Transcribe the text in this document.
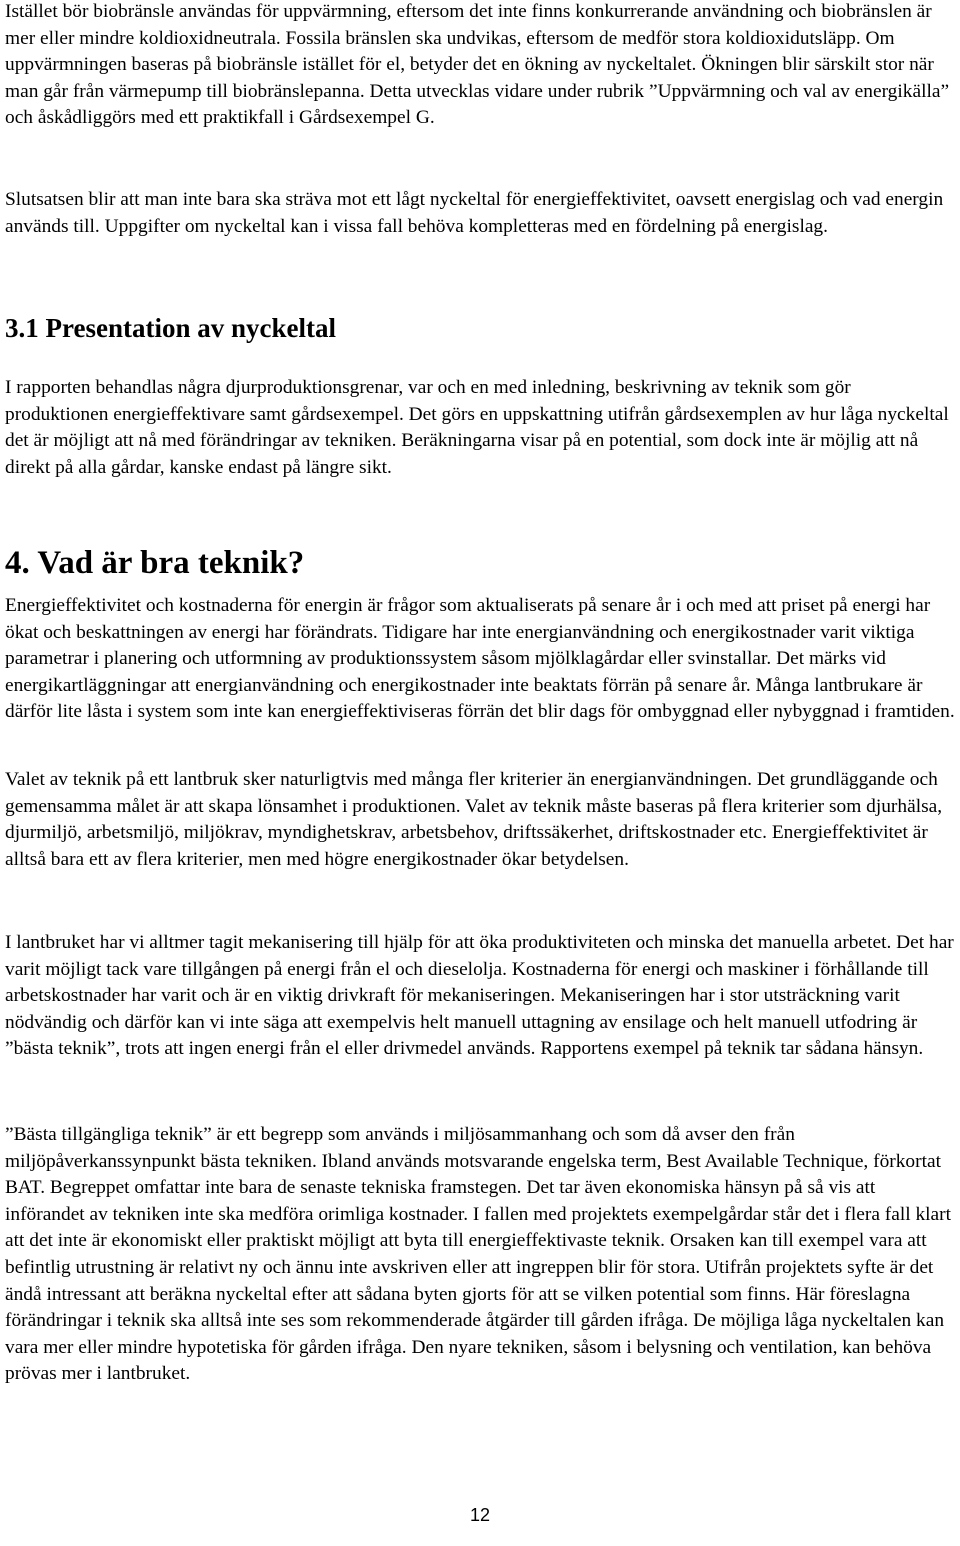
Istället bör biobränsle användas för uppvärmning, eftersom det inte finns konkurrerande användning och biobränslen är mer eller mindre koldioxidneutrala. Fossila bränslen ska undvikas, eftersom de medför stora koldioxidutsläpp. Om uppvärmningen baseras på biobränsle istället för el, betyder det en ökning av nyckeltalet. Ökningen blir särskilt stor när man går från värmepump till biobränslepanna. Detta utvecklas vidare under rubrik ”Uppvärmning och val av energikälla” och åskådliggörs med ett praktikfall i Gårdsexempel G.

Slutsatsen blir att man inte bara ska sträva mot ett lågt nyckeltal för energieffektivitet, oavsett energislag och vad energin används till. Uppgifter om nyckeltal kan i vissa fall behöva kompletteras med en fördelning på energislag.

3.1 Presentation av nyckeltal

I rapporten behandlas några djurproduktionsgrenar, var och en med inledning, beskrivning av teknik som gör produktionen energieffektivare samt gårdsexempel. Det görs en uppskattning utifrån gårdsexemplen av hur låga nyckeltal det är möjligt att nå med förändringar av tekniken. Beräkningarna visar på en potential, som dock inte är möjlig att nå direkt på alla gårdar, kanske endast på längre sikt.

4. Vad är bra teknik?

Energieffektivitet och kostnaderna för energin är frågor som aktualiserats på senare år i och med att priset på energi har ökat och beskattningen av energi har förändrats. Tidigare har inte energianvändning och energikostnader varit viktiga parametrar i planering och utformning av produktionssystem såsom mjölklagårdar eller svinstallar. Det märks vid energikartläggningar att energianvändning och energikostnader inte beaktats förrän på senare år. Många lantbrukare är därför lite låsta i system som inte kan energieffektiviseras förrän det blir dags för ombyggnad eller nybyggnad i framtiden.

Valet av teknik på ett lantbruk sker naturligtvis med många fler kriterier än energianvändningen. Det grundläggande och gemensamma målet är att skapa lönsamhet i produktionen. Valet av teknik måste baseras på flera kriterier som djurhälsa, djurmiljö, arbetsmiljö, miljökrav, myndighetskrav, arbetsbehov, driftssäkerhet, driftskostnader etc. Energieffektivitet är alltså bara ett av flera kriterier, men med högre energikostnader ökar betydelsen.

I lantbruket har vi alltmer tagit mekanisering till hjälp för att öka produktiviteten och minska det manuella arbetet. Det har varit möjligt tack vare tillgången på energi från el och dieselolja. Kostnaderna för energi och maskiner i förhållande till arbetskostnader har varit och är en viktig drivkraft för mekaniseringen. Mekaniseringen har i stor utsträckning varit nödvändig och därför kan vi inte säga att exempelvis helt manuell uttagning av ensilage och helt manuell utfodring är ”bästa teknik”, trots att ingen energi från el eller drivmedel används. Rapportens exempel på teknik tar sådana hänsyn.

”Bästa tillgängliga teknik” är ett begrepp som används i miljösammanhang och som då avser den från miljöpåverkanssynpunkt bästa tekniken. Ibland används motsvarande engelska term, Best Available Technique, förkortat BAT. Begreppet omfattar inte bara de senaste tekniska framstegen. Det tar även ekonomiska hänsyn på så vis att införandet av tekniken inte ska medföra orimliga kostnader. I fallen med projektets exempelgårdar står det i flera fall klart att det inte är ekonomiskt eller praktiskt möjligt att byta till energieffektivaste teknik. Orsaken kan till exempel vara att befintlig utrustning är relativt ny och ännu inte avskriven eller att ingreppen blir för stora. Utifrån projektets syfte är det ändå intressant att beräkna nyckeltal efter att sådana byten gjorts för att se vilken potential som finns. Här föreslagna förändringar i teknik ska alltså inte ses som rekommenderade åtgärder till gården ifråga. De möjliga låga nyckeltalen kan vara mer eller mindre hypotetiska för gården ifråga. Den nyare tekniken, såsom i belysning och ventilation, kan behöva prövas mer i lantbruket.

12
